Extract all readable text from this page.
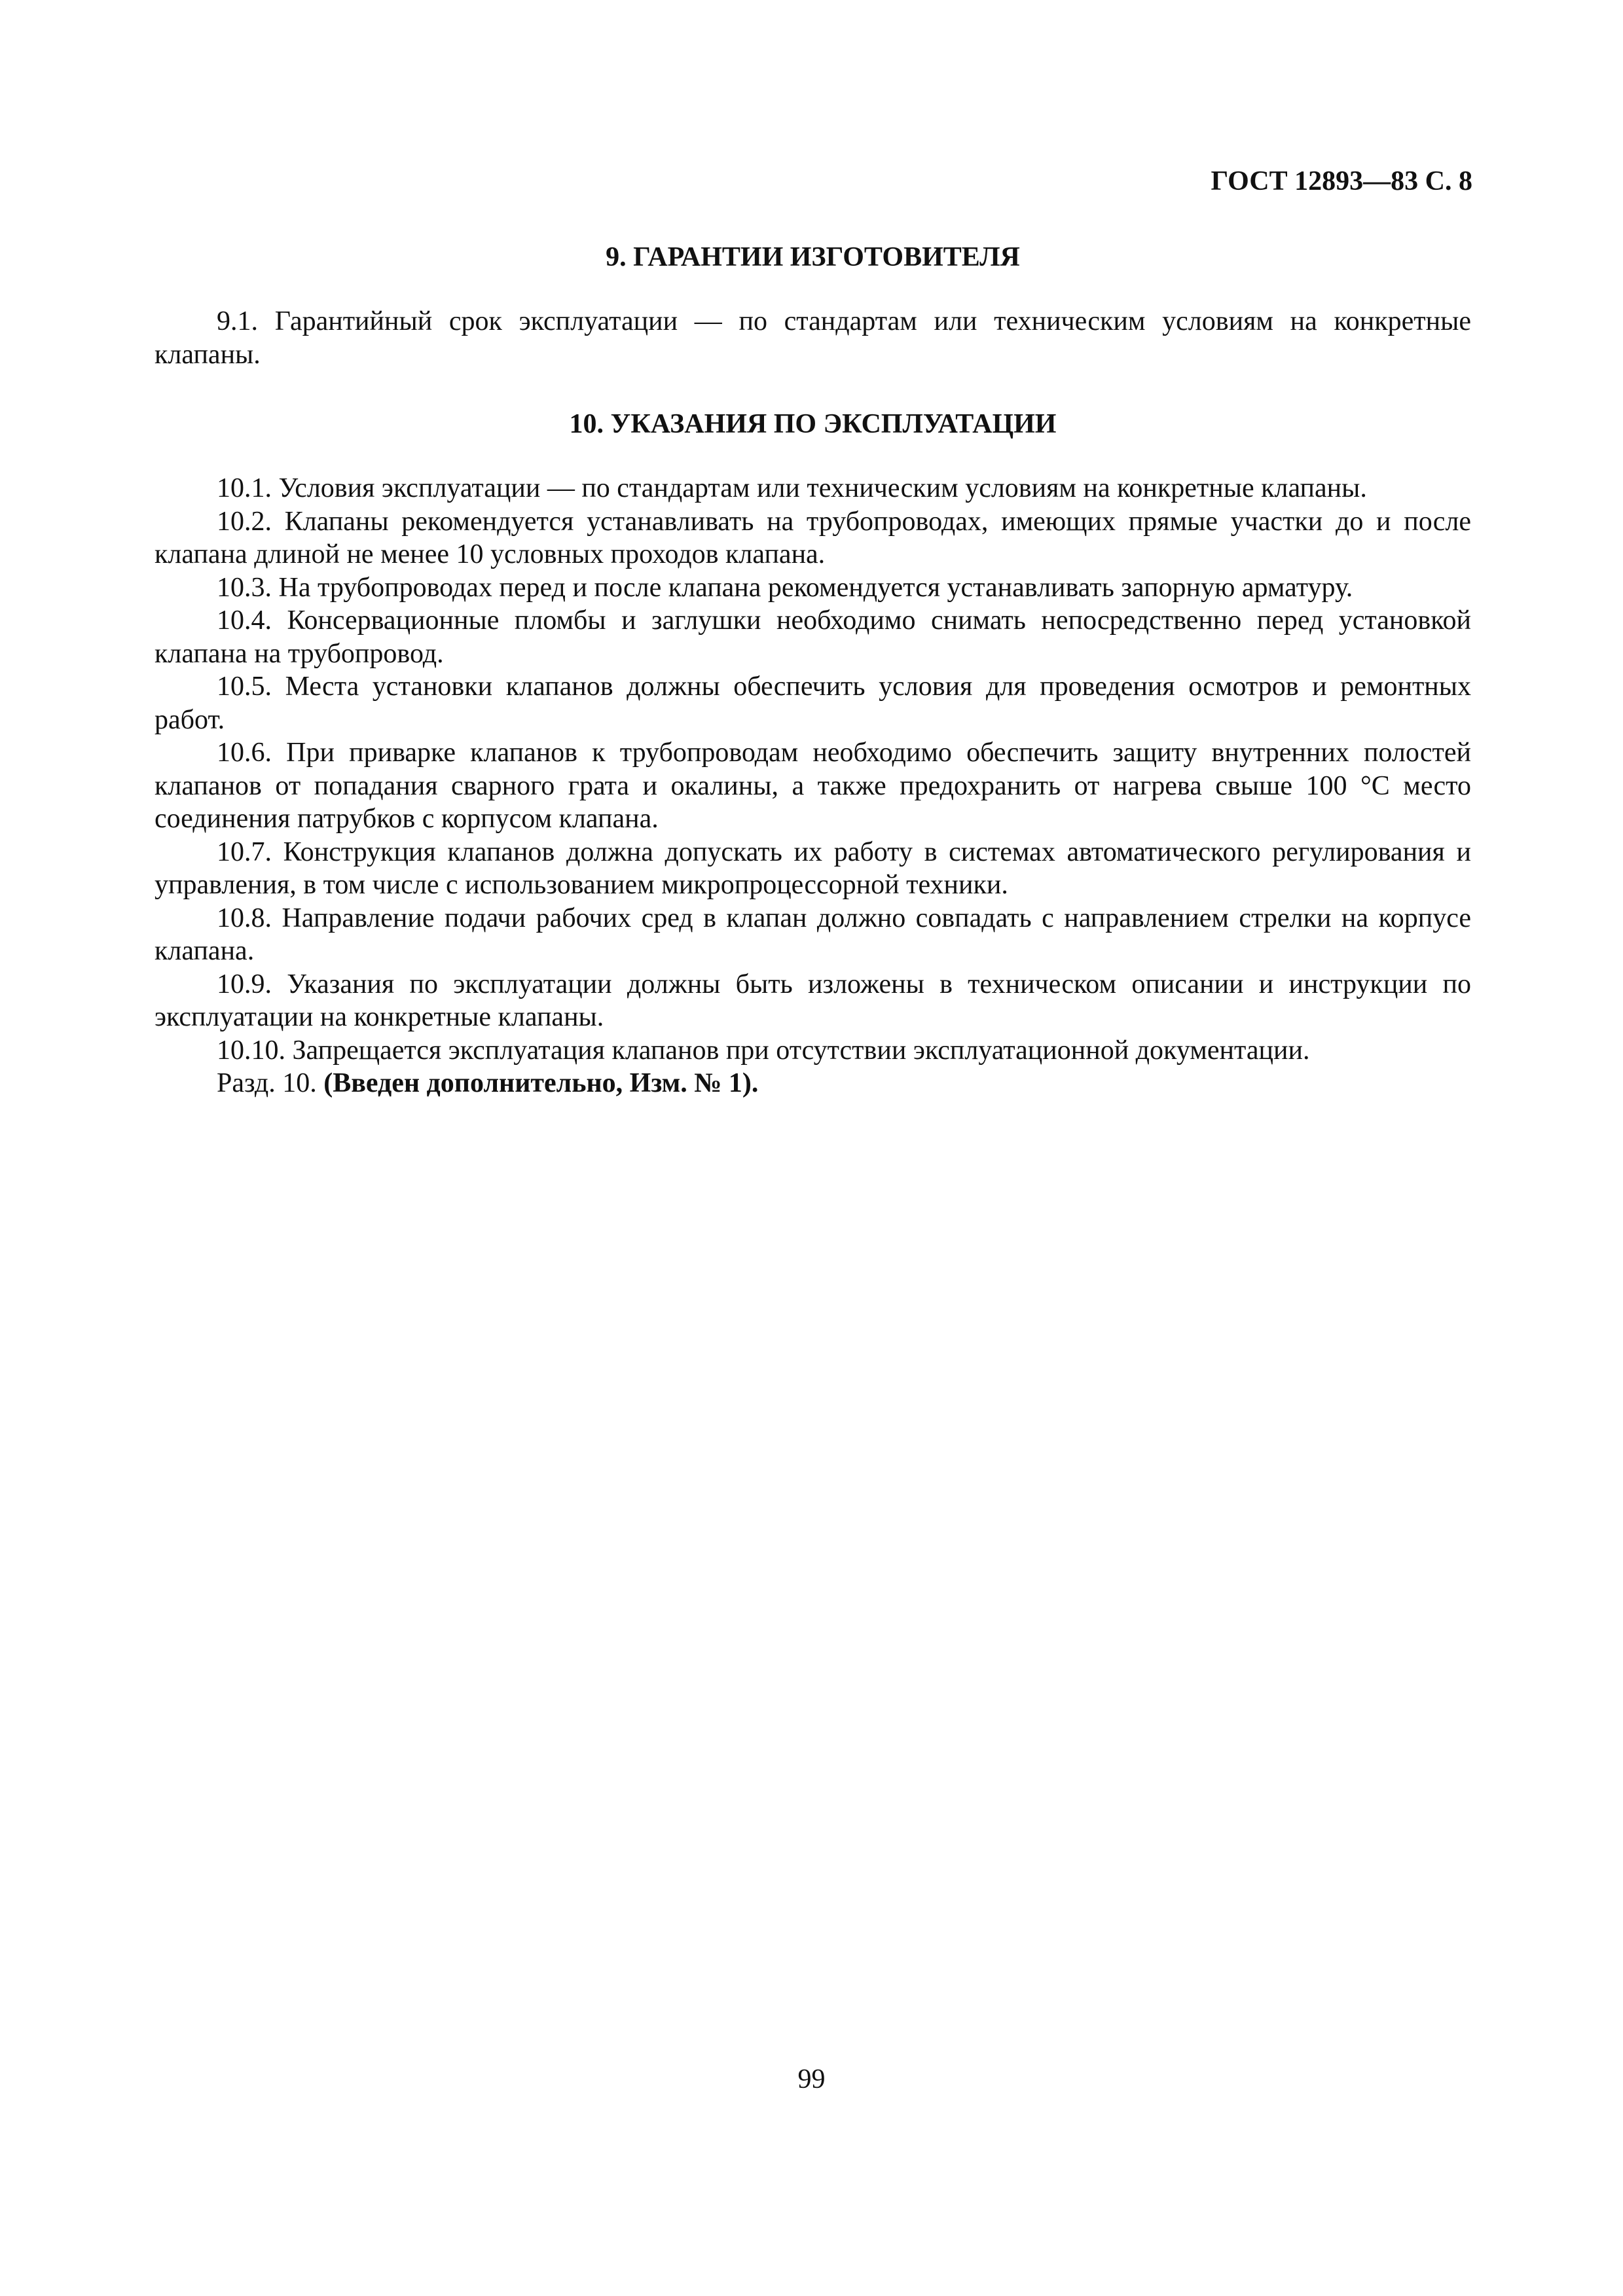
ГОСТ 12893—83 С. 8
9. ГАРАНТИИ ИЗГОТОВИТЕЛЯ

9.1. Гарантийный срок эксплуатации — по стандартам или техническим условиям на конкретные клапаны.

10. УКАЗАНИЯ ПО ЭКСПЛУАТАЦИИ

10.1. Условия эксплуатации — по стандартам или техническим условиям на конкретные клапаны.

10.2. Клапаны рекомендуется устанавливать на трубопроводах, имеющих прямые участки до и после клапана длиной не менее 10 условных проходов клапана.

10.3. На трубопроводах перед и после клапана рекомендуется устанавливать запорную арматуру.

10.4. Консервационные пломбы и заглушки необходимо снимать непосредственно перед установкой клапана на трубопровод.

10.5. Места установки клапанов должны обеспечить условия для проведения осмотров и ремонтных работ.

10.6. При приварке клапанов к трубопроводам необходимо обеспечить защиту внутренних полостей клапанов от попадания сварного грата и окалины, а также предохранить от нагрева свыше 100 °С место соединения патрубков с корпусом клапана.

10.7. Конструкция клапанов должна допускать их работу в системах автоматического регулирования и управления, в том числе с использованием микропроцессорной техники.

10.8. Направление подачи рабочих сред в клапан должно совпадать с направлением стрелки на корпусе клапана.

10.9. Указания по эксплуатации должны быть изложены в техническом описании и инструкции по эксплуатации на конкретные клапаны.

10.10. Запрещается эксплуатация клапанов при отсутствии эксплуатационной документации.

Разд. 10. (Введен дополнительно, Изм. № 1).

99
